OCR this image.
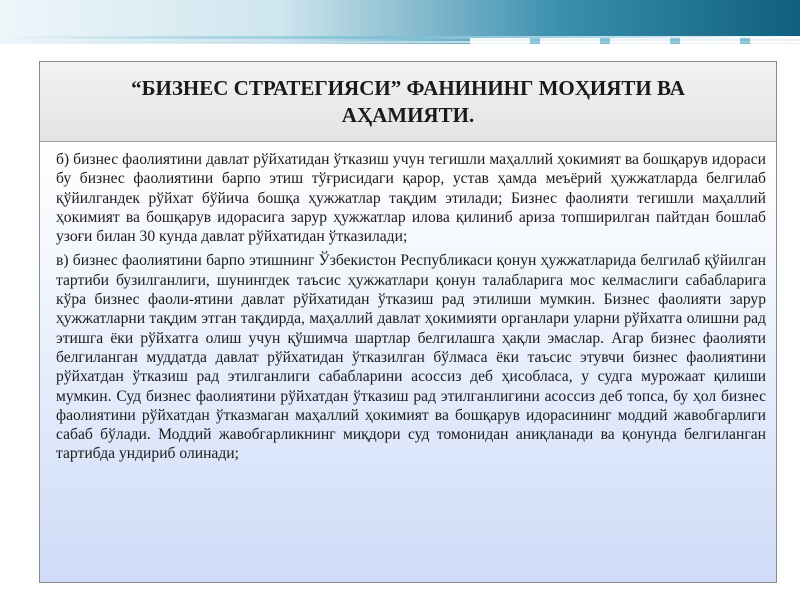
“БИЗНЕС СТРАТЕГИЯСИ” ФАНИНИНГ МОҲИЯТИ ВА АҲАМИЯТИ.

б) бизнес фаолиятини давлат рўйхатидан ўтказиш учун тегишли маҳаллий ҳокимият ва бошқарув идораси бу бизнес фаолиятини барпо этиш тўғрисидаги қарор, устав ҳамда меъёрий ҳужжатларда белгилаб қўйилгандек рўйхат бўйича бошқа ҳужжатлар тақдим этилади; Бизнес фаолияти тегишли маҳаллий ҳокимият ва бошқарув идорасига зарур ҳужжатлар илова қилиниб ариза топширилган пайтдан бошлаб узоғи билан 30 кунда давлат рўйхатидан ўтказилади;

в) бизнес фаолиятини барпо этишнинг Ўзбекистон Республикаси қонун ҳужжатларида белгилаб қўйилган тартиби бузилганлиги, шунингдек таъсис ҳужжатлари қонун талабларига мос келмаслиги сабабларига кўра бизнес фаоли-ятини давлат рўйхатидан ўтказиш рад этилиши мумкин. Бизнес фаолияти зарур ҳужжатларни тақдим этган тақдирда, маҳаллий давлат ҳокимияти органлари уларни рўйхатга олишни рад этишга ёки рўйхатга олиш учун қўшимча шартлар белгилашга ҳақли эмаслар. Агар бизнес фаолияти белгиланган муддатда давлат рўйхатидан ўтказилган бўлмаса ёки таъсис этувчи бизнес фаолиятини рўйхатдан ўтказиш рад этилганлиги сабабларини асоссиз деб ҳисобласа, у судга мурожаат қилиши мумкин. Суд бизнес фаолиятини рўйхатдан ўтказиш рад этилганлигини асоссиз деб топса, бу ҳол бизнес фаолиятини рўйхатдан ўтказмаган маҳаллий ҳокимият ва бошқарув идорасининг моддий жавобгарлиги сабаб бўлади. Моддий жавобгарликнинг миқдори суд томонидан аниқланади ва қонунда белгиланган тартибда ундириб олинади;
